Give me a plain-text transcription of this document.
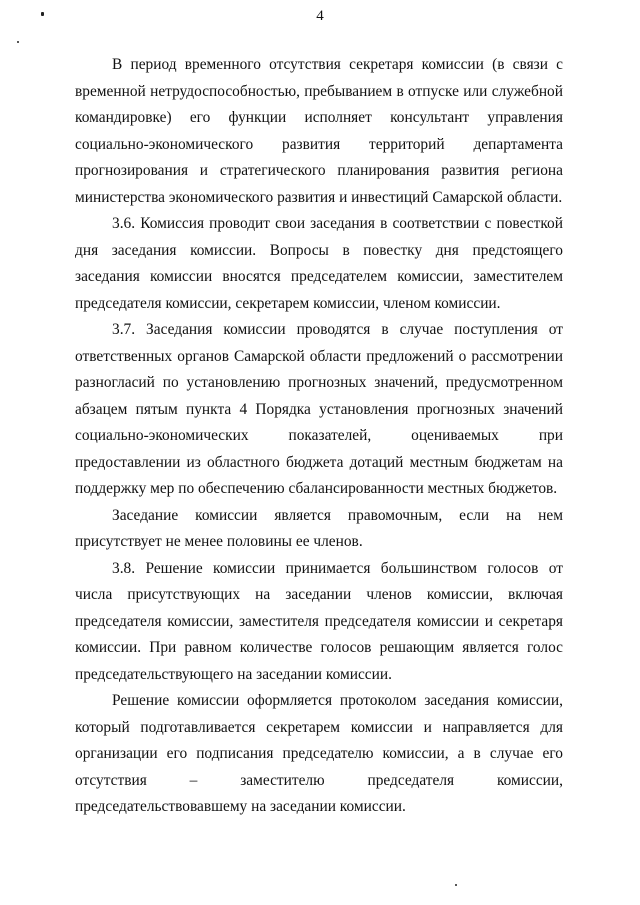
4

В период временного отсутствия секретаря комиссии (в связи с временной нетрудоспособностью, пребыванием в отпуске или служебной командировке) его функции исполняет консультант управления социально-экономического развития территорий департамента прогнозирования и стратегического планирования развития региона министерства экономического развития и инвестиций Самарской области.

3.6. Комиссия проводит свои заседания в соответствии с повесткой дня заседания комиссии. Вопросы в повестку дня предстоящего заседания комиссии вносятся председателем комиссии, заместителем председателя комиссии, секретарем комиссии, членом комиссии.

3.7. Заседания комиссии проводятся в случае поступления от ответственных органов Самарской области предложений о рассмотрении разногласий по установлению прогнозных значений, предусмотренном абзацем пятым пункта 4 Порядка установления прогнозных значений социально-экономических показателей, оцениваемых при предоставлении из областного бюджета дотаций местным бюджетам на поддержку мер по обеспечению сбалансированности местных бюджетов.

Заседание комиссии является правомочным, если на нем присутствует не менее половины ее членов.

3.8. Решение комиссии принимается большинством голосов от числа присутствующих на заседании членов комиссии, включая председателя комиссии, заместителя председателя комиссии и секретаря комиссии. При равном количестве голосов решающим является голос председательствующего на заседании комиссии.

Решение комиссии оформляется протоколом заседания комиссии, который подготавливается секретарем комиссии и направляется для организации его подписания председателю комиссии, а в случае его отсутствия – заместителю председателя комиссии, председательствовавшему на заседании комиссии.
